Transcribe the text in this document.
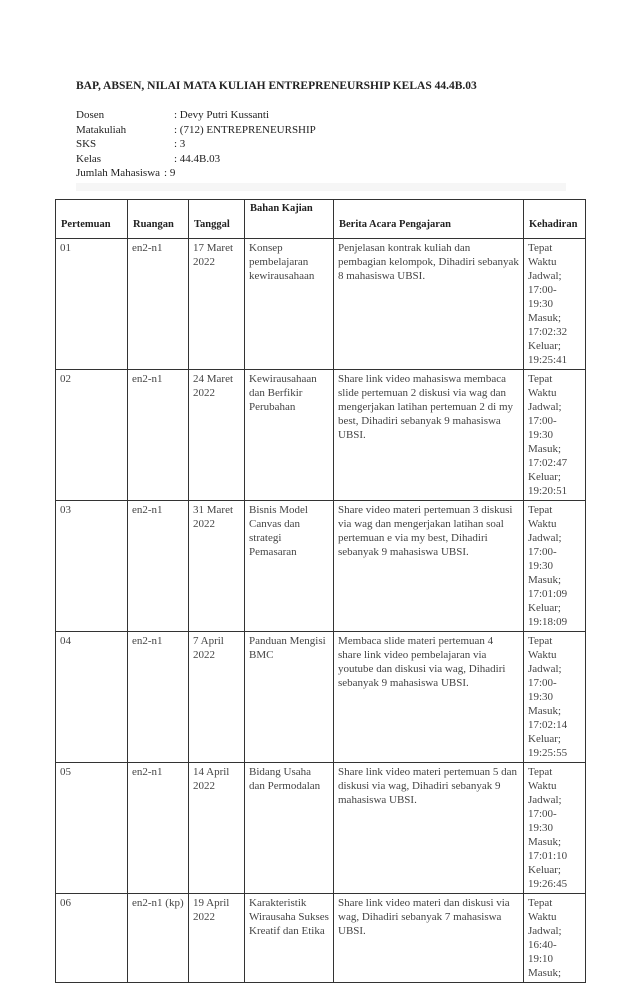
BAP, ABSEN, NILAI MATA KULIAH ENTREPRENEURSHIP KELAS 44.4B.03
Dosen	: Devy Putri Kussanti
Matakuliah	: (712) ENTREPRENEURSHIP
SKS	: 3
Kelas	: 44.4B.03
Jumlah Mahasiswa : 9
Pertemuan	Ruangan	Tanggal	Bahan Kajian	Berita Acara Pengajaran	Kehadiran

01	en2-n1	17 Maret 2022	Konsep pembelajaran kewirausahaan	Penjelasan kontrak kuliah dan pembagian kelompok, Dihadiri sebanyak 8 mahasiswa UBSI.	Tepat Waktu Jadwal; 17:00-19:30 Masuk; 17:02:32 Keluar; 19:25:41
02	en2-n1	24 Maret 2022	Kewirausahaan dan Berfikir Perubahan	Share link video mahasiswa membaca slide pertemuan 2 diskusi via wag dan mengerjakan latihan pertemuan 2 di my best, Dihadiri sebanyak 9 mahasiswa UBSI.	Tepat Waktu Jadwal; 17:00-19:30 Masuk; 17:02:47 Keluar; 19:20:51
03	en2-n1	31 Maret 2022	Bisnis Model Canvas dan strategi Pemasaran	Share video materi pertemuan 3 diskusi via wag dan mengerjakan latihan soal pertemuan e via my best, Dihadiri sebanyak 9 mahasiswa UBSI.	Tepat Waktu Jadwal; 17:00-19:30 Masuk; 17:01:09 Keluar; 19:18:09
04	en2-n1	7 April 2022	Panduan Mengisi BMC	Membaca slide materi pertemuan 4 share link video pembelajaran via youtube dan diskusi via wag, Dihadiri sebanyak 9 mahasiswa UBSI.	Tepat Waktu Jadwal; 17:00-19:30 Masuk; 17:02:14 Keluar; 19:25:55
05	en2-n1	14 April 2022	Bidang Usaha dan Permodalan	Share link video materi pertemuan 5 dan diskusi via wag, Dihadiri sebanyak 9 mahasiswa UBSI.	Tepat Waktu Jadwal; 17:00-19:30 Masuk; 17:01:10 Keluar; 19:26:45
06	en2-n1 (kp)	19 April 2022	Karakteristik Wirausaha Sukses Kreatif dan Etika	Share link video materi dan diskusi via wag, Dihadiri sebanyak 7 mahasiswa UBSI.	Tepat Waktu Jadwal; 16:40-19:10 Masuk;
